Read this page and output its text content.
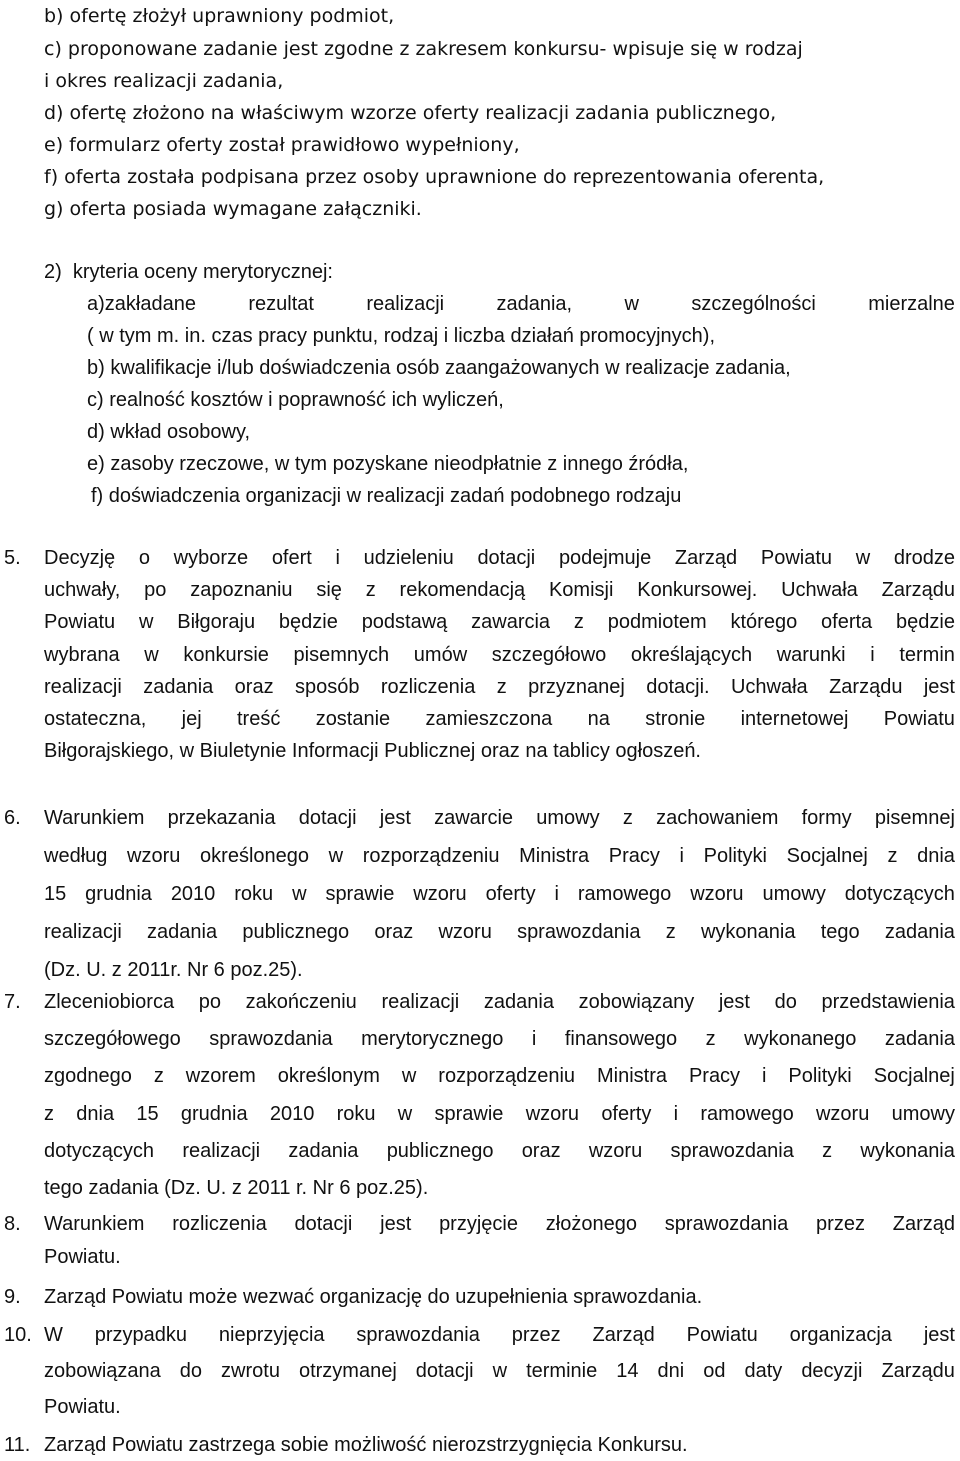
b) ofertę złożył uprawniony podmiot,
c) proponowane zadanie jest zgodne z zakresem konkursu- wpisuje się w rodzaj
i okres realizacji zadania,
d) ofertę złożono na właściwym wzorze oferty realizacji zadania publicznego,
e) formularz oferty został prawidłowo wypełniony,
f) oferta została podpisana przez osoby uprawnione do reprezentowania oferenta,
g) oferta posiada wymagane załączniki.
2)  kryteria oceny merytorycznej:
a)zakładane	rezultat	realizacji	zadania,	w	szczególności	mierzalne
( w tym m. in. czas pracy punktu, rodzaj i liczba działań promocyjnych),
b) kwalifikacje i/lub doświadczenia osób zaangażowanych w realizacje zadania,
c) realność kosztów i poprawność ich wyliczeń,
d) wkład osobowy,
e) zasoby rzeczowe, w tym pozyskane nieodpłatnie z innego źródła,
f) doświadczenia organizacji w realizacji zadań podobnego rodzaju
5. Decyzję o wyborze ofert i udzieleniu dotacji podejmuje Zarząd Powiatu w drodze
uchwały, po zapoznaniu się z rekomendacją Komisji Konkursowej. Uchwała Zarządu
Powiatu w Biłgoraju będzie podstawą zawarcia z podmiotem którego oferta będzie
wybrana w konkursie pisemnych umów szczegółowo określających warunki i termin
realizacji zadania oraz sposób rozliczenia z przyznanej dotacji. Uchwała Zarządu jest
ostateczna, jej treść zostanie zamieszczona na stronie internetowej Powiatu
Biłgorajskiego, w Biuletynie Informacji Publicznej oraz na tablicy ogłoszeń.
6. Warunkiem przekazania dotacji jest zawarcie umowy z zachowaniem formy pisemnej
według wzoru określonego w rozporządzeniu Ministra Pracy i Polityki Socjalnej z dnia
15 grudnia 2010 roku w sprawie wzoru oferty i ramowego wzoru umowy dotyczących
realizacji zadania publicznego oraz wzoru sprawozdania z wykonania tego zadania
(Dz. U. z 2011r. Nr 6 poz.25).
7. Zleceniobiorca po zakończeniu realizacji zadania zobowiązany jest do przedstawienia
szczegółowego sprawozdania merytorycznego i finansowego z wykonanego zadania
zgodnego z wzorem określonym w rozporządzeniu Ministra Pracy i Polityki Socjalnej
z dnia 15 grudnia 2010 roku w sprawie wzoru oferty i ramowego wzoru umowy
dotyczących realizacji zadania publicznego oraz wzoru sprawozdania z wykonania
tego zadania (Dz. U. z 2011 r. Nr 6 poz.25).
8. Warunkiem rozliczenia dotacji jest przyjęcie złożonego sprawozdania przez Zarząd
Powiatu.
9. Zarząd Powiatu może wezwać organizację do uzupełnienia sprawozdania.
10. W przypadku nieprzyjęcia sprawozdania przez Zarząd Powiatu organizacja jest
zobowiązana do zwrotu otrzymanej dotacji w terminie 14 dni od daty decyzji Zarządu
Powiatu.
11. Zarząd Powiatu zastrzega sobie możliwość nierozstrzygnięcia Konkursu.
